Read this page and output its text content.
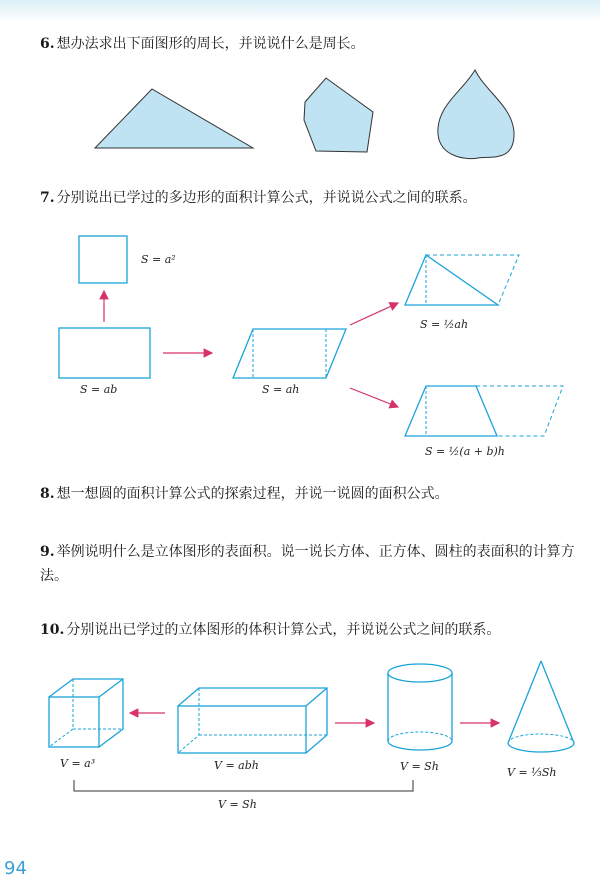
6. 想办法求出下面图形的周长，并说说什么是周长。
7. 分别说出已学过的多边形的面积计算公式，并说说公式之间的联系。
S = a²
S = ab	S = ah
S = ½ah
S = ½(a + b)h
8. 想一想圆的面积计算公式的探索过程，并说一说圆的面积公式。
9. 举例说明什么是立体图形的表面积。说一说长方体、正方体、圆柱的表面积的计算方法。
10. 分别说出已学过的立体图形的体积计算公式，并说说公式之间的联系。
V = a³	V = abh	V = Sh	V = ⅓Sh
V = Sh
94
